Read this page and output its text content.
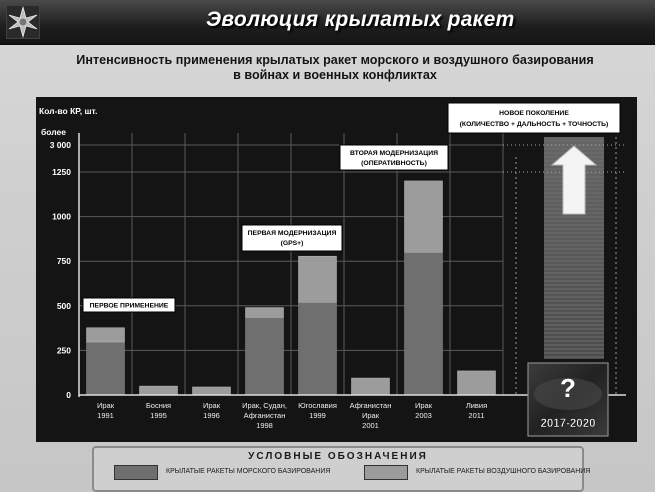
Эволюция крылатых ракет
Интенсивность применения крылатых ракет морского и воздушного базирования
в войнах и военных конфликтах
Кол-во КР, шт.
более
3 000
0
250
500
750
1000
1250
Ирак
1991
Босния
1995
Ирак
1996
Ирак, Судан,
Афганистан
1998
Югославия
1999
Афганистан
Ирак
2001
Ирак
2003
Ливия
2011
ПЕРВОЕ ПРИМЕНЕНИЕ
ПЕРВАЯ МОДЕРНИЗАЦИЯ
(GPS+)
ВТОРАЯ МОДЕРНИЗАЦИЯ
(ОПЕРАТИВНОСТЬ)
НОВОЕ ПОКОЛЕНИЕ
(КОЛИЧЕСТВО + ДАЛЬНОСТЬ + ТОЧНОСТЬ)
?
2017-2020
УСЛОВНЫЕ ОБОЗНАЧЕНИЯ
КРЫЛАТЫЕ РАКЕТЫ МОРСКОГО БАЗИРОВАНИЯ	КРЫЛАТЫЕ РАКЕТЫ ВОЗДУШНОГО БАЗИРОВАНИЯ
